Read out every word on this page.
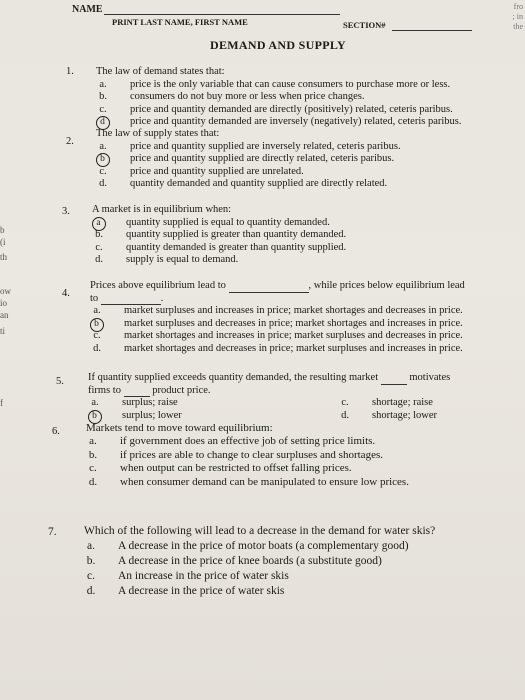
NAME
PRINT LAST NAME, FIRST NAME	SECTION#
DEMAND AND SUPPLY
b
(i
th
ow
io
an
ti
f
fro
; in
the
1. The law of demand states that:
a.	price is the only variable that can cause consumers to purchase more or less.
b. consumers do not buy more or less when price changes.
c.	price and quantity demanded are directly (positively) related, ceteris paribus.
d	price and quantity demanded are inversely (negatively) related, ceteris paribus.
2.
The law of supply states that:
a.	price and quantity supplied are inversely related, ceteris paribus.
b	price and quantity supplied are directly related, ceteris paribus.
c.	price and quantity supplied are unrelated.
d. quantity demanded and quantity supplied are directly related.
3. A market is in equilibrium when:
a	quantity supplied is equal to quantity demanded.
b. quantity supplied is greater than quantity demanded.
c.	quantity demanded is greater than quantity supplied.
d. supply is equal to demand.
4.
Prices above equilibrium lead to	, while prices below equilibrium lead
to	.
a.	market surpluses and increases in price; market shortages and decreases in price.
b	market surpluses and decreases in price; market shortages and increases in price.
c.	market shortages and increases in price; market surpluses and decreases in price.
d. market shortages and decreases in price; market surpluses and increases in price.
5. If quantity supplied exceeds quantity demanded, the resulting market	motivates
firms to	product price.
a.	surplus; raise	c.	shortage; raise
b	surplus; lower	d. shortage; lower
6. Markets tend to move toward equilibrium:
a. if government does an effective job of setting price limits.
b. if prices are able to change to clear surpluses and shortages.
c. when output can be restricted to offset falling prices.
d. when consumer demand can be manipulated to ensure low prices.
7. Which of the following will lead to a decrease in the demand for water skis?
a. A decrease in the price of motor boats (a complementary good)
b. A decrease in the price of knee boards (a substitute good)
c. An increase in the price of water skis
d. A decrease in the price of water skis
